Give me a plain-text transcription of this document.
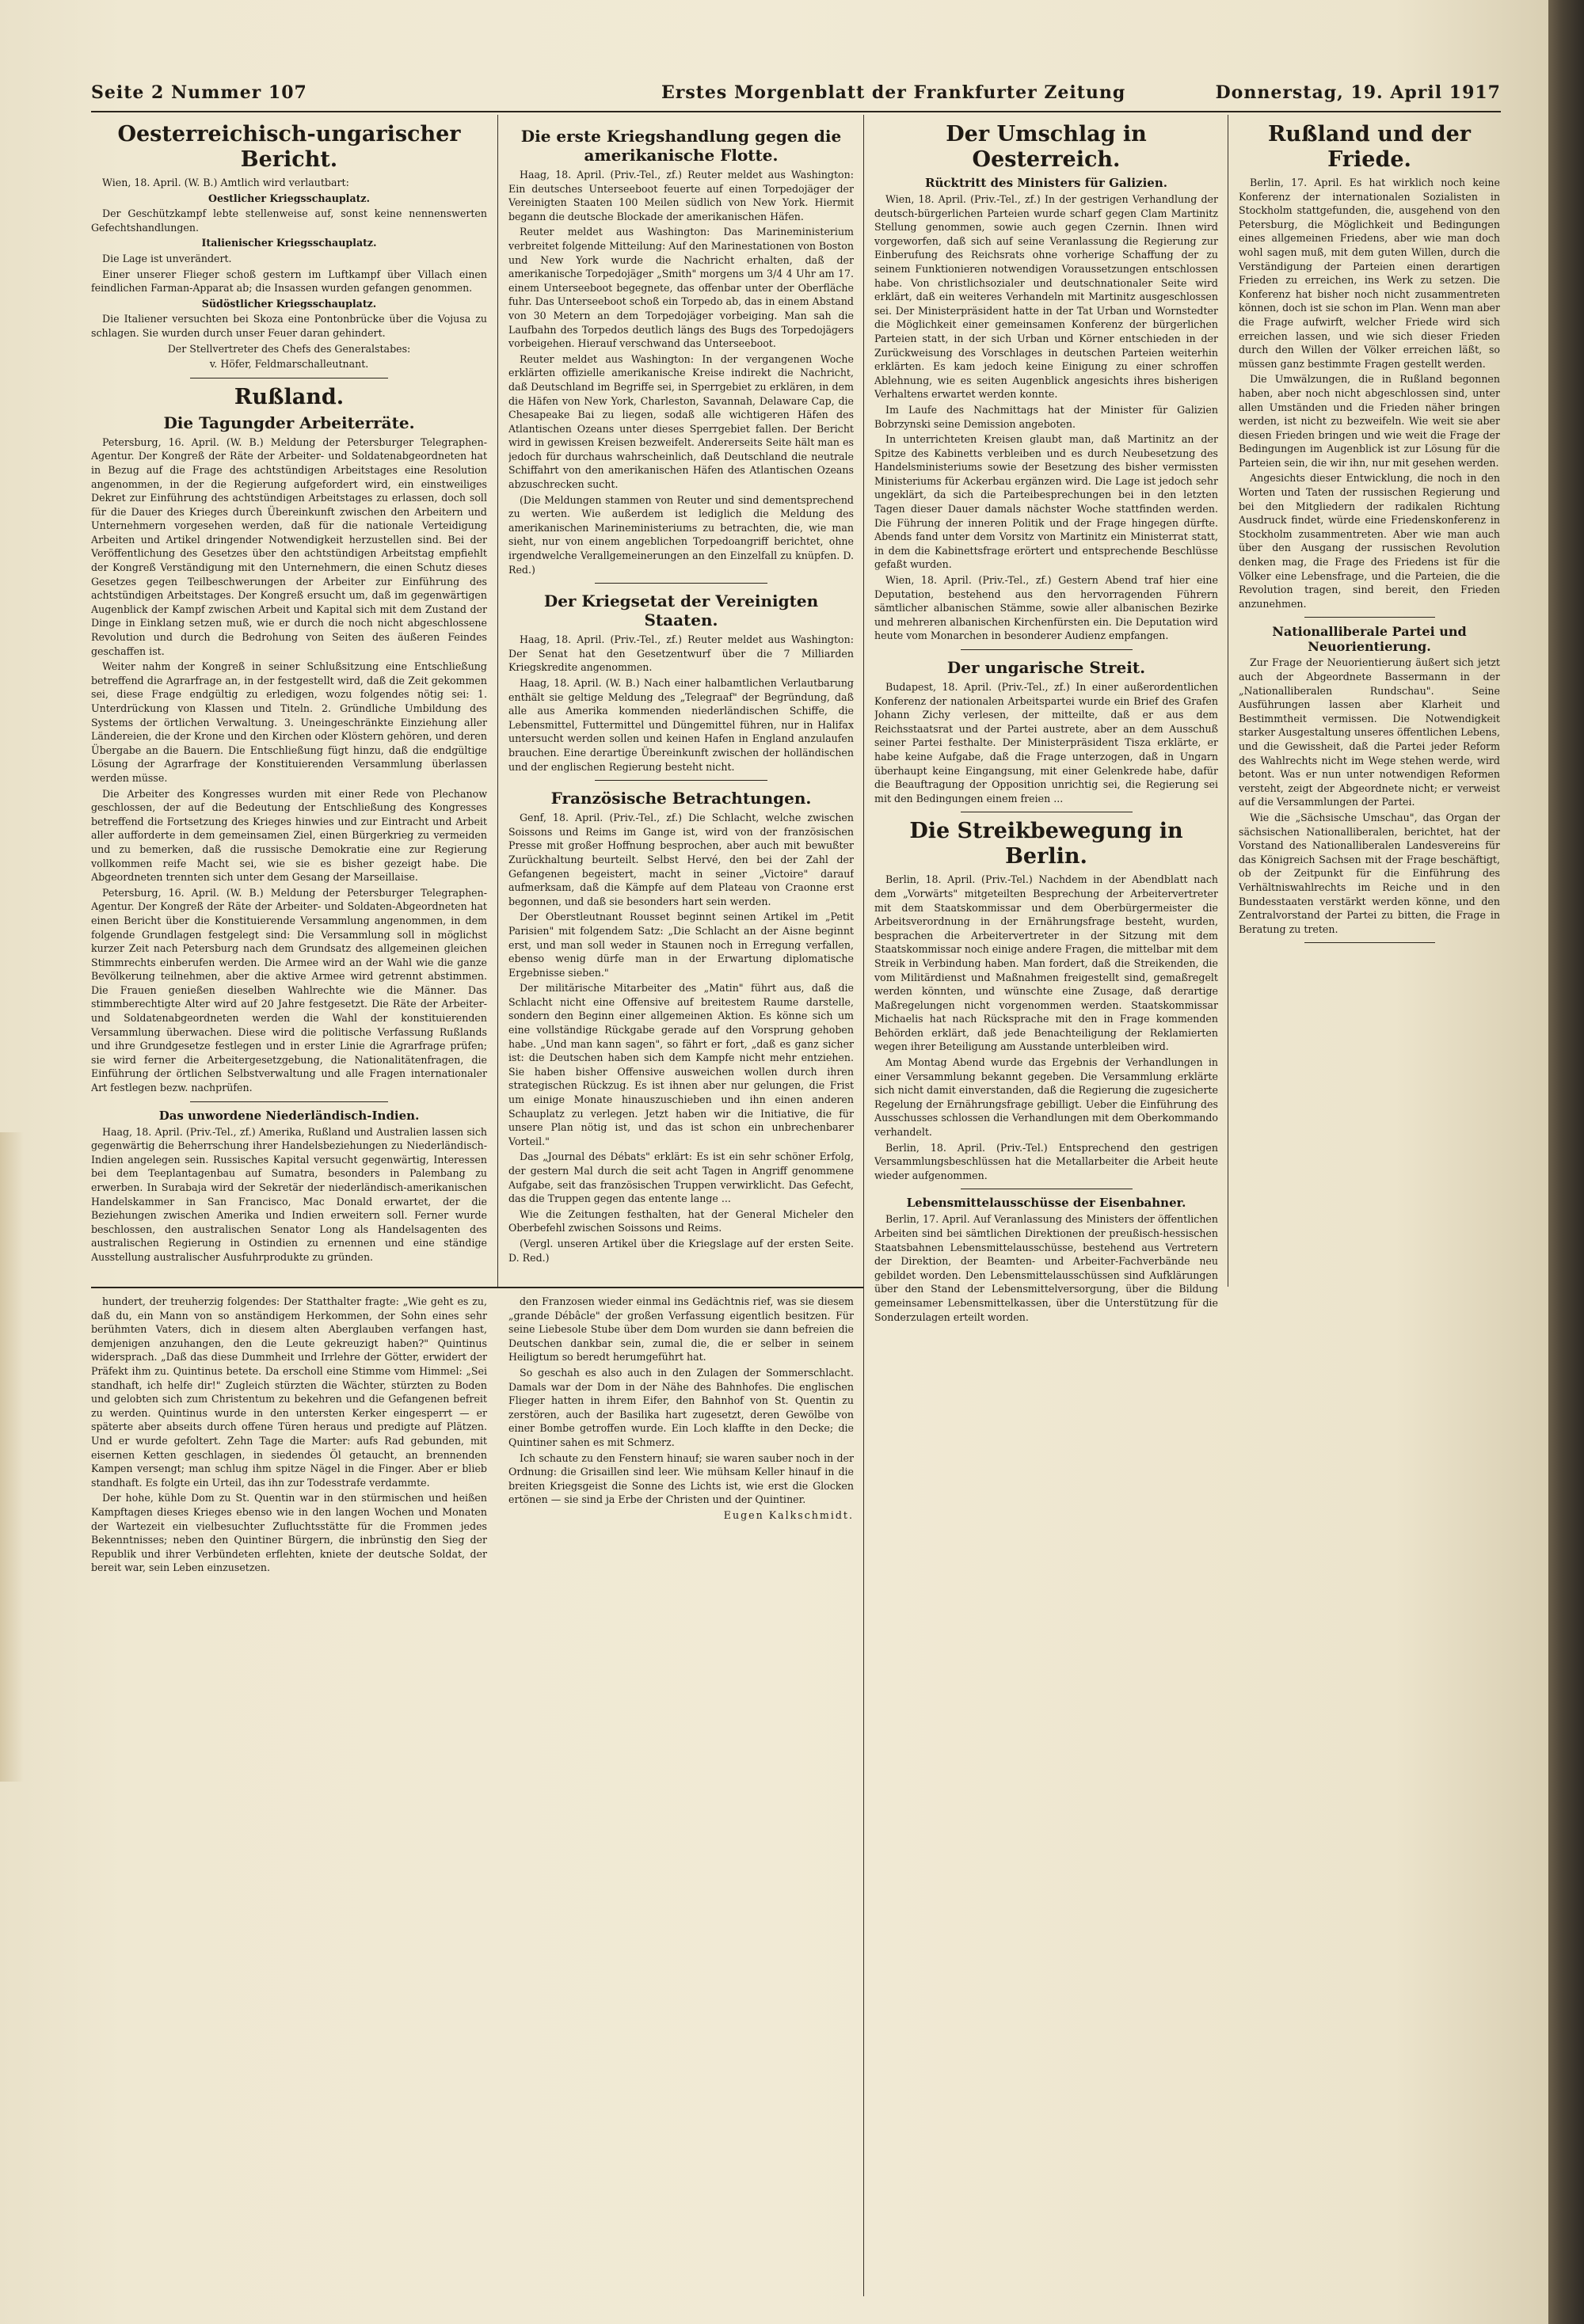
Seite 2 Nummer 107	Erstes Morgenblatt der Frankfurter Zeitung	Donnerstag, 19. April 1917
Oesterreichisch-ungarischer Bericht.

Wien, 18. April. (W. B.) Amtlich wird verlautbart:

Oestlicher Kriegsschauplatz.

Der Geschützkampf lebte stellenweise auf, sonst keine nennenswerten Gefechtshandlungen.

Italienischer Kriegsschauplatz.

Die Lage ist unverändert.

Einer unserer Flieger schoß gestern im Luftkampf über Villach einen feindlichen Farman-Apparat ab; die Insassen wurden gefangen genommen.

Südöstlicher Kriegsschauplatz.

Die Italiener versuchten bei Skoza eine Pontonbrücke über die Vojusa zu schlagen. Sie wurden durch unser Feuer daran gehindert.

Der Stellvertreter des Chefs des Generalstabes:

v. Höfer, Feldmarschalleutnant.

Rußland.
Die Tagungder Arbeiterräte.

Petersburg, 16. April. (W. B.) Meldung der Petersburger Telegraphen-Agentur. Der Kongreß der Räte der Arbeiter- und Soldatenabgeordneten hat in Bezug auf die Frage des achtstündigen Arbeitstages eine Resolution angenommen, in der die Regierung aufgefordert wird, ein einstweiliges Dekret zur Einführung des achtstündigen Arbeitstages zu erlassen, doch soll für die Dauer des Krieges durch Übereinkunft zwischen den Arbeitern und Unternehmern vorgesehen werden, daß für die nationale Verteidigung Arbeiten und Artikel dringender Notwendigkeit herzustellen sind. Bei der Veröffentlichung des Gesetzes über den achtstündigen Arbeitstag empfiehlt der Kongreß Verständigung mit den Unternehmern, die einen Schutz dieses Gesetzes gegen Teilbeschwerungen der Arbeiter zur Einführung des achtstündigen Arbeitstages. Der Kongreß ersucht um, daß im gegenwärtigen Augenblick der Kampf zwischen Arbeit und Kapital sich mit dem Zustand der Dinge in Einklang setzen muß, wie er durch die noch nicht abgeschlossene Revolution und durch die Bedrohung von Seiten des äußeren Feindes geschaffen ist.

Weiter nahm der Kongreß in seiner Schlußsitzung eine Entschließung betreffend die Agrarfrage an, in der festgestellt wird, daß die Zeit gekommen sei, diese Frage endgültig zu erledigen, wozu folgendes nötig sei: 1. Unterdrückung von Klassen und Titeln. 2. Gründliche Umbildung des Systems der örtlichen Verwaltung. 3. Uneingeschränkte Einziehung aller Ländereien, die der Krone und den Kirchen oder Klöstern gehören, und deren Übergabe an die Bauern. Die Entschließung fügt hinzu, daß die endgültige Lösung der Agrarfrage der Konstituierenden Versammlung überlassen werden müsse.

Die Arbeiter des Kongresses wurden mit einer Rede von Plechanow geschlossen, der auf die Bedeutung der Entschließung des Kongresses betreffend die Fortsetzung des Krieges hinwies und zur Eintracht und Arbeit aller aufforderte in dem gemeinsamen Ziel, einen Bürgerkrieg zu vermeiden und zu bemerken, daß die russische Demokratie eine zur Regierung vollkommen reife Macht sei, wie sie es bisher gezeigt habe. Die Abgeordneten trennten sich unter dem Gesang der Marseillaise.

Petersburg, 16. April. (W. B.) Meldung der Petersburger Telegraphen-Agentur. Der Kongreß der Räte der Arbeiter- und Soldaten-Abgeordneten hat einen Bericht über die Konstituierende Versammlung angenommen, in dem folgende Grundlagen festgelegt sind: Die Versammlung soll in möglichst kurzer Zeit nach Petersburg nach dem Grundsatz des allgemeinen gleichen Stimmrechts einberufen werden. Die Armee wird an der Wahl wie die ganze Bevölkerung teilnehmen, aber die aktive Armee wird getrennt abstimmen. Die Frauen genießen dieselben Wahlrechte wie die Männer. Das stimmberechtigte Alter wird auf 20 Jahre festgesetzt. Die Räte der Arbeiter- und Soldatenabgeordneten werden die Wahl der konstituierenden Versammlung überwachen. Diese wird die politische Verfassung Rußlands und ihre Grundgesetze festlegen und in erster Linie die Agrarfrage prüfen; sie wird ferner die Arbeitergesetzgebung, die Nationalitätenfragen, die Einführung der örtlichen Selbstverwaltung und alle Fragen internationaler Art festlegen bezw. nachprüfen.

Das unwordene Niederländisch-Indien.

Haag, 18. April. (Priv.-Tel., zf.) Amerika, Rußland und Australien lassen sich gegenwärtig die Beherrschung ihrer Handelsbeziehungen zu Niederländisch-Indien angelegen sein. Russisches Kapital versucht gegenwärtig, Interessen bei dem Teeplantagenbau auf Sumatra, besonders in Palembang zu erwerben. In Surabaja wird der Sekretär der niederländisch-amerikanischen Handelskammer in San Francisco, Mac Donald erwartet, der die Beziehungen zwischen Amerika und Indien erweitern soll. Ferner wurde beschlossen, den australischen Senator Long als Handelsagenten des australischen Regierung in Ostindien zu ernennen und eine ständige Ausstellung australischer Ausfuhrprodukte zu gründen.

Die erste Kriegshandlung gegen die amerikanische Flotte.

Haag, 18. April. (Priv.-Tel., zf.) Reuter meldet aus Washington: Ein deutsches Unterseeboot feuerte auf einen Torpedojäger der Vereinigten Staaten 100 Meilen südlich von New York. Hiermit begann die deutsche Blockade der amerikanischen Häfen.

Reuter meldet aus Washington: Das Marineministerium verbreitet folgende Mitteilung: Auf den Marinestationen von Boston und New York wurde die Nachricht erhalten, daß der amerikanische Torpedojäger „Smith" morgens um 3/4 4 Uhr am 17. einem Unterseeboot begegnete, das offenbar unter der Oberfläche fuhr. Das Unterseeboot schoß ein Torpedo ab, das in einem Abstand von 30 Metern an dem Torpedojäger vorbeiging. Man sah die Laufbahn des Torpedos deutlich längs des Bugs des Torpedojägers vorbeigehen. Hierauf verschwand das Unterseeboot.

Reuter meldet aus Washington: In der vergangenen Woche erklärten offizielle amerikanische Kreise indirekt die Nachricht, daß Deutschland im Begriffe sei, in Sperrgebiet zu erklären, in dem die Häfen von New York, Charleston, Savannah, Delaware Cap, die Chesapeake Bai zu liegen, sodaß alle wichtigeren Häfen des Atlantischen Ozeans unter dieses Sperrgebiet fallen. Der Bericht wird in gewissen Kreisen bezweifelt. Andererseits Seite hält man es jedoch für durchaus wahrscheinlich, daß Deutschland die neutrale Schiffahrt von den amerikanischen Häfen des Atlantischen Ozeans abzuschrecken sucht.

(Die Meldungen stammen von Reuter und sind dementsprechend zu werten. Wie außerdem ist lediglich die Meldung des amerikanischen Marineministeriums zu betrachten, die, wie man sieht, nur von einem angeblichen Torpedoangriff berichtet, ohne irgendwelche Verallgemeinerungen an den Einzelfall zu knüpfen. D. Red.)

Der Kriegsetat der Vereinigten Staaten.

Haag, 18. April. (Priv.-Tel., zf.) Reuter meldet aus Washington: Der Senat hat den Gesetzentwurf über die 7 Milliarden Kriegskredite angenommen.

Haag, 18. April. (W. B.) Nach einer halbamtlichen Verlautbarung enthält sie geltige Meldung des „Telegraaf" der Begründung, daß alle aus Amerika kommenden niederländischen Schiffe, die Lebensmittel, Futtermittel und Düngemittel führen, nur in Halifax untersucht werden sollen und keinen Hafen in England anzulaufen brauchen. Eine derartige Übereinkunft zwischen der holländischen und der englischen Regierung besteht nicht.

Französische Betrachtungen.

Genf, 18. April. (Priv.-Tel., zf.) Die Schlacht, welche zwischen Soissons und Reims im Gange ist, wird von der französischen Presse mit großer Hoffnung besprochen, aber auch mit bewußter Zurückhaltung beurteilt. Selbst Hervé, den bei der Zahl der Gefangenen begeistert, macht in seiner „Victoire" darauf aufmerksam, daß die Kämpfe auf dem Plateau von Craonne erst begonnen, und daß sie besonders hart sein werden.

Der Oberstleutnant Rousset beginnt seinen Artikel im „Petit Parisien" mit folgendem Satz: „Die Schlacht an der Aisne beginnt erst, und man soll weder in Staunen noch in Erregung verfallen, ebenso wenig dürfe man in der Erwartung diplomatische Ergebnisse sieben."

Der militärische Mitarbeiter des „Matin" führt aus, daß die Schlacht nicht eine Offensive auf breitestem Raume darstelle, sondern den Beginn einer allgemeinen Aktion. Es könne sich um eine vollständige Rückgabe gerade auf den Vorsprung gehoben habe. „Und man kann sagen", so fährt er fort, „daß es ganz sicher ist: die Deutschen haben sich dem Kampfe nicht mehr entziehen. Sie haben bisher Offensive ausweichen wollen durch ihren strategischen Rückzug. Es ist ihnen aber nur gelungen, die Frist um einige Monate hinauszuschieben und ihn einen anderen Schauplatz zu verlegen. Jetzt haben wir die Initiative, die für unsere Plan nötig ist, und das ist schon ein unbrechenbarer Vorteil."

Das „Journal des Débats" erklärt: Es ist ein sehr schöner Erfolg, der gestern Mal durch die seit acht Tagen in Angriff genommene Aufgabe, seit das französischen Truppen verwirklicht. Das Gefecht, das die Truppen gegen das entente lange ...

Wie die Zeitungen festhalten, hat der General Micheler den Oberbefehl zwischen Soissons und Reims.

(Vergl. unseren Artikel über die Kriegslage auf der ersten Seite. D. Red.)

Der Umschlag in Oesterreich.
Rücktritt des Ministers für Galizien.

Wien, 18. April. (Priv.-Tel., zf.) In der gestrigen Verhandlung der deutsch-bürgerlichen Parteien wurde scharf gegen Clam Martinitz Stellung genommen, sowie auch gegen Czernin. Ihnen wird vorgeworfen, daß sich auf seine Veranlassung die Regierung zur Einberufung des Reichsrats ohne vorherige Schaffung der zu seinem Funktionieren notwendigen Voraussetzungen entschlossen habe. Von christlichsozialer und deutschnationaler Seite wird erklärt, daß ein weiteres Verhandeln mit Martinitz ausgeschlossen sei. Der Ministerpräsident hatte in der Tat Urban und Wornstedter die Möglichkeit einer gemeinsamen Konferenz der bürgerlichen Parteien statt, in der sich Urban und Körner entschieden in der Zurückweisung des Vorschlages in deutschen Parteien weiterhin erklärten. Es kam jedoch keine Einigung zu einer schroffen Ablehnung, wie es seiten Augenblick angesichts ihres bisherigen Verhaltens erwartet werden konnte.

Im Laufe des Nachmittags hat der Minister für Galizien Bobrzynski seine Demission angeboten.

In unterrichteten Kreisen glaubt man, daß Martinitz an der Spitze des Kabinetts verbleiben und es durch Neubesetzung des Handelsministeriums sowie der Besetzung des bisher vermissten Ministeriums für Ackerbau ergänzen wird. Die Lage ist jedoch sehr ungeklärt, da sich die Parteibesprechungen bei in den letzten Tagen dieser Dauer damals nächster Woche stattfinden werden. Die Führung der inneren Politik und der Frage hingegen dürfte. Abends fand unter dem Vorsitz von Martinitz ein Ministerrat statt, in dem die Kabinettsfrage erörtert und entsprechende Beschlüsse gefaßt wurden.

Wien, 18. April. (Priv.-Tel., zf.) Gestern Abend traf hier eine Deputation, bestehend aus den hervorragenden Führern sämtlicher albanischen Stämme, sowie aller albanischen Bezirke und mehreren albanischen Kirchenfürsten ein. Die Deputation wird heute vom Monarchen in besonderer Audienz empfangen.

Der ungarische Streit.

Budapest, 18. April. (Priv.-Tel., zf.) In einer außerordentlichen Konferenz der nationalen Arbeitspartei wurde ein Brief des Grafen Johann Zichy verlesen, der mitteilte, daß er aus dem Reichsstaatsrat und der Partei austrete, aber an dem Ausschuß seiner Partei festhalte. Der Ministerpräsident Tisza erklärte, er habe keine Aufgabe, daß die Frage unterzogen, daß in Ungarn überhaupt keine Eingangsung, mit einer Gelenkrede habe, dafür die Beauftragung der Opposition unrichtig sei, die Regierung sei mit den Bedingungen einem freien ...

Die Streikbewegung in Berlin.

Berlin, 18. April. (Priv.-Tel.) Nachdem in der Abendblatt nach dem „Vorwärts" mitgeteilten Besprechung der Arbeitervertreter mit dem Staatskommissar und dem Oberbürgermeister die Arbeitsverordnung in der Ernährungsfrage besteht, wurden, besprachen die Arbeitervertreter in der Sitzung mit dem Staatskommissar noch einige andere Fragen, die mittelbar mit dem Streik in Verbindung haben. Man fordert, daß die Streikenden, die vom Militärdienst und Maßnahmen freigestellt sind, gemaßregelt werden könnten, und wünschte eine Zusage, daß derartige Maßregelungen nicht vorgenommen werden. Staatskommissar Michaelis hat nach Rücksprache mit den in Frage kommenden Behörden erklärt, daß jede Benachteiligung der Reklamierten wegen ihrer Beteiligung am Ausstande unterbleiben wird.

Am Montag Abend wurde das Ergebnis der Verhandlungen in einer Versammlung bekannt gegeben. Die Versammlung erklärte sich nicht damit einverstanden, daß die Regierung die zugesicherte Regelung der Ernährungsfrage gebilligt. Ueber die Einführung des Ausschusses schlossen die Verhandlungen mit dem Oberkommando verhandelt.

Berlin, 18. April. (Priv.-Tel.) Entsprechend den gestrigen Versammlungsbeschlüssen hat die Metallarbeiter die Arbeit heute wieder aufgenommen.

Lebensmittelausschüsse der Eisenbahner.

Berlin, 17. April. Auf Veranlassung des Ministers der öffentlichen Arbeiten sind bei sämtlichen Direktionen der preußisch-hessischen Staatsbahnen Lebensmittelausschüsse, bestehend aus Vertretern der Direktion, der Beamten- und Arbeiter-Fachverbände neu gebildet worden. Den Lebensmittelausschüssen sind Aufklärungen über den Stand der Lebensmittelversorgung, über die Bildung gemeinsamer Lebensmittelkassen, über die Unterstützung für die Sonderzulagen erteilt worden.

Rußland und der Friede.

Berlin, 17. April. Es hat wirklich noch keine Konferenz der internationalen Sozialisten in Stockholm stattgefunden, die, ausgehend von den Petersburg, die Möglichkeit und Bedingungen eines allgemeinen Friedens, aber wie man doch wohl sagen muß, mit dem guten Willen, durch die Verständigung der Parteien einen derartigen Frieden zu erreichen, ins Werk zu setzen. Die Konferenz hat bisher noch nicht zusammentreten können, doch ist sie schon im Plan. Wenn man aber die Frage aufwirft, welcher Friede wird sich erreichen lassen, und wie sich dieser Frieden durch den Willen der Völker erreichen läßt, so müssen ganz bestimmte Fragen gestellt werden.

Die Umwälzungen, die in Rußland begonnen haben, aber noch nicht abgeschlossen sind, unter allen Umständen und die Frieden näher bringen werden, ist nicht zu bezweifeln. Wie weit sie aber diesen Frieden bringen und wie weit die Frage der Bedingungen im Augenblick ist zur Lösung für die Parteien sein, die wir ihn, nur mit gesehen werden.

Angesichts dieser Entwicklung, die noch in den Worten und Taten der russischen Regierung und bei den Mitgliedern der radikalen Richtung Ausdruck findet, würde eine Friedenskonferenz in Stockholm zusammentreten. Aber wie man auch über den Ausgang der russischen Revolution denken mag, die Frage des Friedens ist für die Völker eine Lebensfrage, und die Parteien, die die Revolution tragen, sind bereit, den Frieden anzunehmen.

Nationalliberale Partei und Neuorientierung.

Zur Frage der Neuorientierung äußert sich jetzt auch der Abgeordnete Bassermann in der „Nationalliberalen Rundschau". Seine Ausführungen lassen aber Klarheit und Bestimmtheit vermissen. Die Notwendigkeit starker Ausgestaltung unseres öffentlichen Lebens, und die Gewissheit, daß die Partei jeder Reform des Wahlrechts nicht im Wege stehen werde, wird betont. Was er nun unter notwendigen Reformen versteht, zeigt der Abgeordnete nicht; er verweist auf die Versammlungen der Partei.

Wie die „Sächsische Umschau", das Organ der sächsischen Nationalliberalen, berichtet, hat der Vorstand des Nationalliberalen Landesvereins für das Königreich Sachsen mit der Frage beschäftigt, ob der Zeitpunkt für die Einführung des Verhältniswahlrechts im Reiche und in den Bundesstaaten verstärkt werden könne, und den Zentralvorstand der Partei zu bitten, die Frage in Beratung zu treten.

hundert, der treuherzig folgendes: Der Statthalter fragte: „Wie geht es zu, daß du, ein Mann von so anständigem Herkommen, der Sohn eines sehr berühmten Vaters, dich in diesem alten Aberglauben verfangen hast, demjenigen anzuhangen, den die Leute gekreuzigt haben?" Quintinus widersprach. „Daß das diese Dummheit und Irrlehre der Götter, erwidert der Präfekt ihm zu. Quintinus betete. Da erscholl eine Stimme vom Himmel: „Sei standhaft, ich helfe dir!" Zugleich stürzten die Wächter, stürzten zu Boden und gelobten sich zum Christentum zu bekehren und die Gefangenen befreit zu werden. Quintinus wurde in den untersten Kerker eingesperrt — er späterte aber abseits durch offene Türen heraus und predigte auf Plätzen. Und er wurde gefoltert. Zehn Tage die Marter: aufs Rad gebunden, mit eisernen Ketten geschlagen, in siedendes Öl getaucht, an brennenden Kampen versengt; man schlug ihm spitze Nägel in die Finger. Aber er blieb standhaft. Es folgte ein Urteil, das ihn zur Todesstrafe verdammte.

Der hohe, kühle Dom zu St. Quentin war in den stürmischen und heißen Kampftagen dieses Krieges ebenso wie in den langen Wochen und Monaten der Wartezeit ein vielbesuchter Zufluchtsstätte für die Frommen jedes Bekenntnisses; neben den Quintiner Bürgern, die inbrünstig den Sieg der Republik und ihrer Verbündeten erflehten, kniete der deutsche Soldat, der bereit war, sein Leben einzusetzen.

den Franzosen wieder einmal ins Gedächtnis rief, was sie diesem „grande Débâcle" der großen Verfassung eigentlich besitzen. Für seine Liebesole Stube über dem Dom wurden sie dann befreien die Deutschen dankbar sein, zumal die, die er selber in seinem Heiligtum so beredt herumgeführt hat.

So geschah es also auch in den Zulagen der Sommerschlacht. Damals war der Dom in der Nähe des Bahnhofes. Die englischen Flieger hatten in ihrem Eifer, den Bahnhof von St. Quentin zu zerstören, auch der Basilika hart zugesetzt, deren Gewölbe von einer Bombe getroffen wurde. Ein Loch klaffte in den Decke; die Quintiner sahen es mit Schmerz.

Ich schaute zu den Fenstern hinauf; sie waren sauber noch in der Ordnung: die Grisaillen sind leer. Wie mühsam Keller hinauf in die breiten Kriegsgeist die Sonne des Lichts ist, wie erst die Glocken ertönen — sie sind ja Erbe der Christen und der Quintiner.

Eugen Kalkschmidt.
